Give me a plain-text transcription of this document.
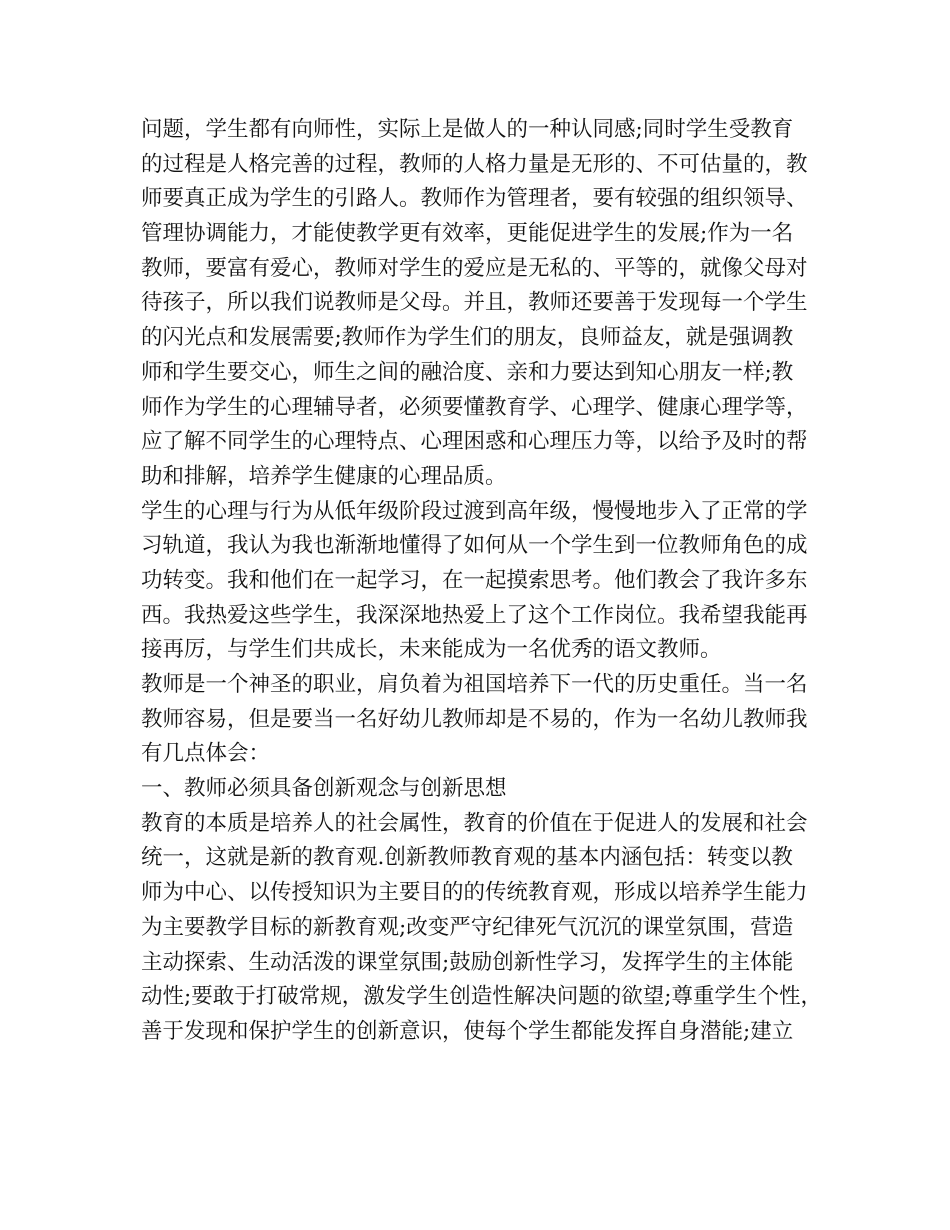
问题，学生都有向师性，实际上是做人的一种认同感;同时学生受教育
的过程是人格完善的过程，教师的人格力量是无形的、不可估量的，教
师要真正成为学生的引路人。教师作为管理者，要有较强的组织领导、
管理协调能力，才能使教学更有效率，更能促进学生的发展;作为一名
教师，要富有爱心，教师对学生的爱应是无私的、平等的，就像父母对
待孩子，所以我们说教师是父母。并且，教师还要善于发现每一个学生
的闪光点和发展需要;教师作为学生们的朋友，良师益友，就是强调教
师和学生要交心，师生之间的融洽度、亲和力要达到知心朋友一样;教
师作为学生的心理辅导者，必须要懂教育学、心理学、健康心理学等，
应了解不同学生的心理特点、心理困惑和心理压力等，以给予及时的帮
助和排解，培养学生健康的心理品质。
学生的心理与行为从低年级阶段过渡到高年级，慢慢地步入了正常的学
习轨道，我认为我也渐渐地懂得了如何从一个学生到一位教师角色的成
功转变。我和他们在一起学习，在一起摸索思考。他们教会了我许多东
西。我热爱这些学生，我深深地热爱上了这个工作岗位。我希望我能再
接再厉，与学生们共成长，未来能成为一名优秀的语文教师。
教师是一个神圣的职业，肩负着为祖国培养下一代的历史重任。当一名
教师容易，但是要当一名好幼儿教师却是不易的，作为一名幼儿教师我
有几点体会：
一、教师必须具备创新观念与创新思想
教育的本质是培养人的社会属性，教育的价值在于促进人的发展和社会
统一，这就是新的教育观.创新教师教育观的基本内涵包括：转变以教
师为中心、以传授知识为主要目的的传统教育观，形成以培养学生能力
为主要教学目标的新教育观;改变严守纪律死气沉沉的课堂氛围，营造
主动探索、生动活泼的课堂氛围;鼓励创新性学习，发挥学生的主体能
动性;要敢于打破常规，激发学生创造性解决问题的欲望;尊重学生个性，
善于发现和保护学生的创新意识，使每个学生都能发挥自身潜能;建立
